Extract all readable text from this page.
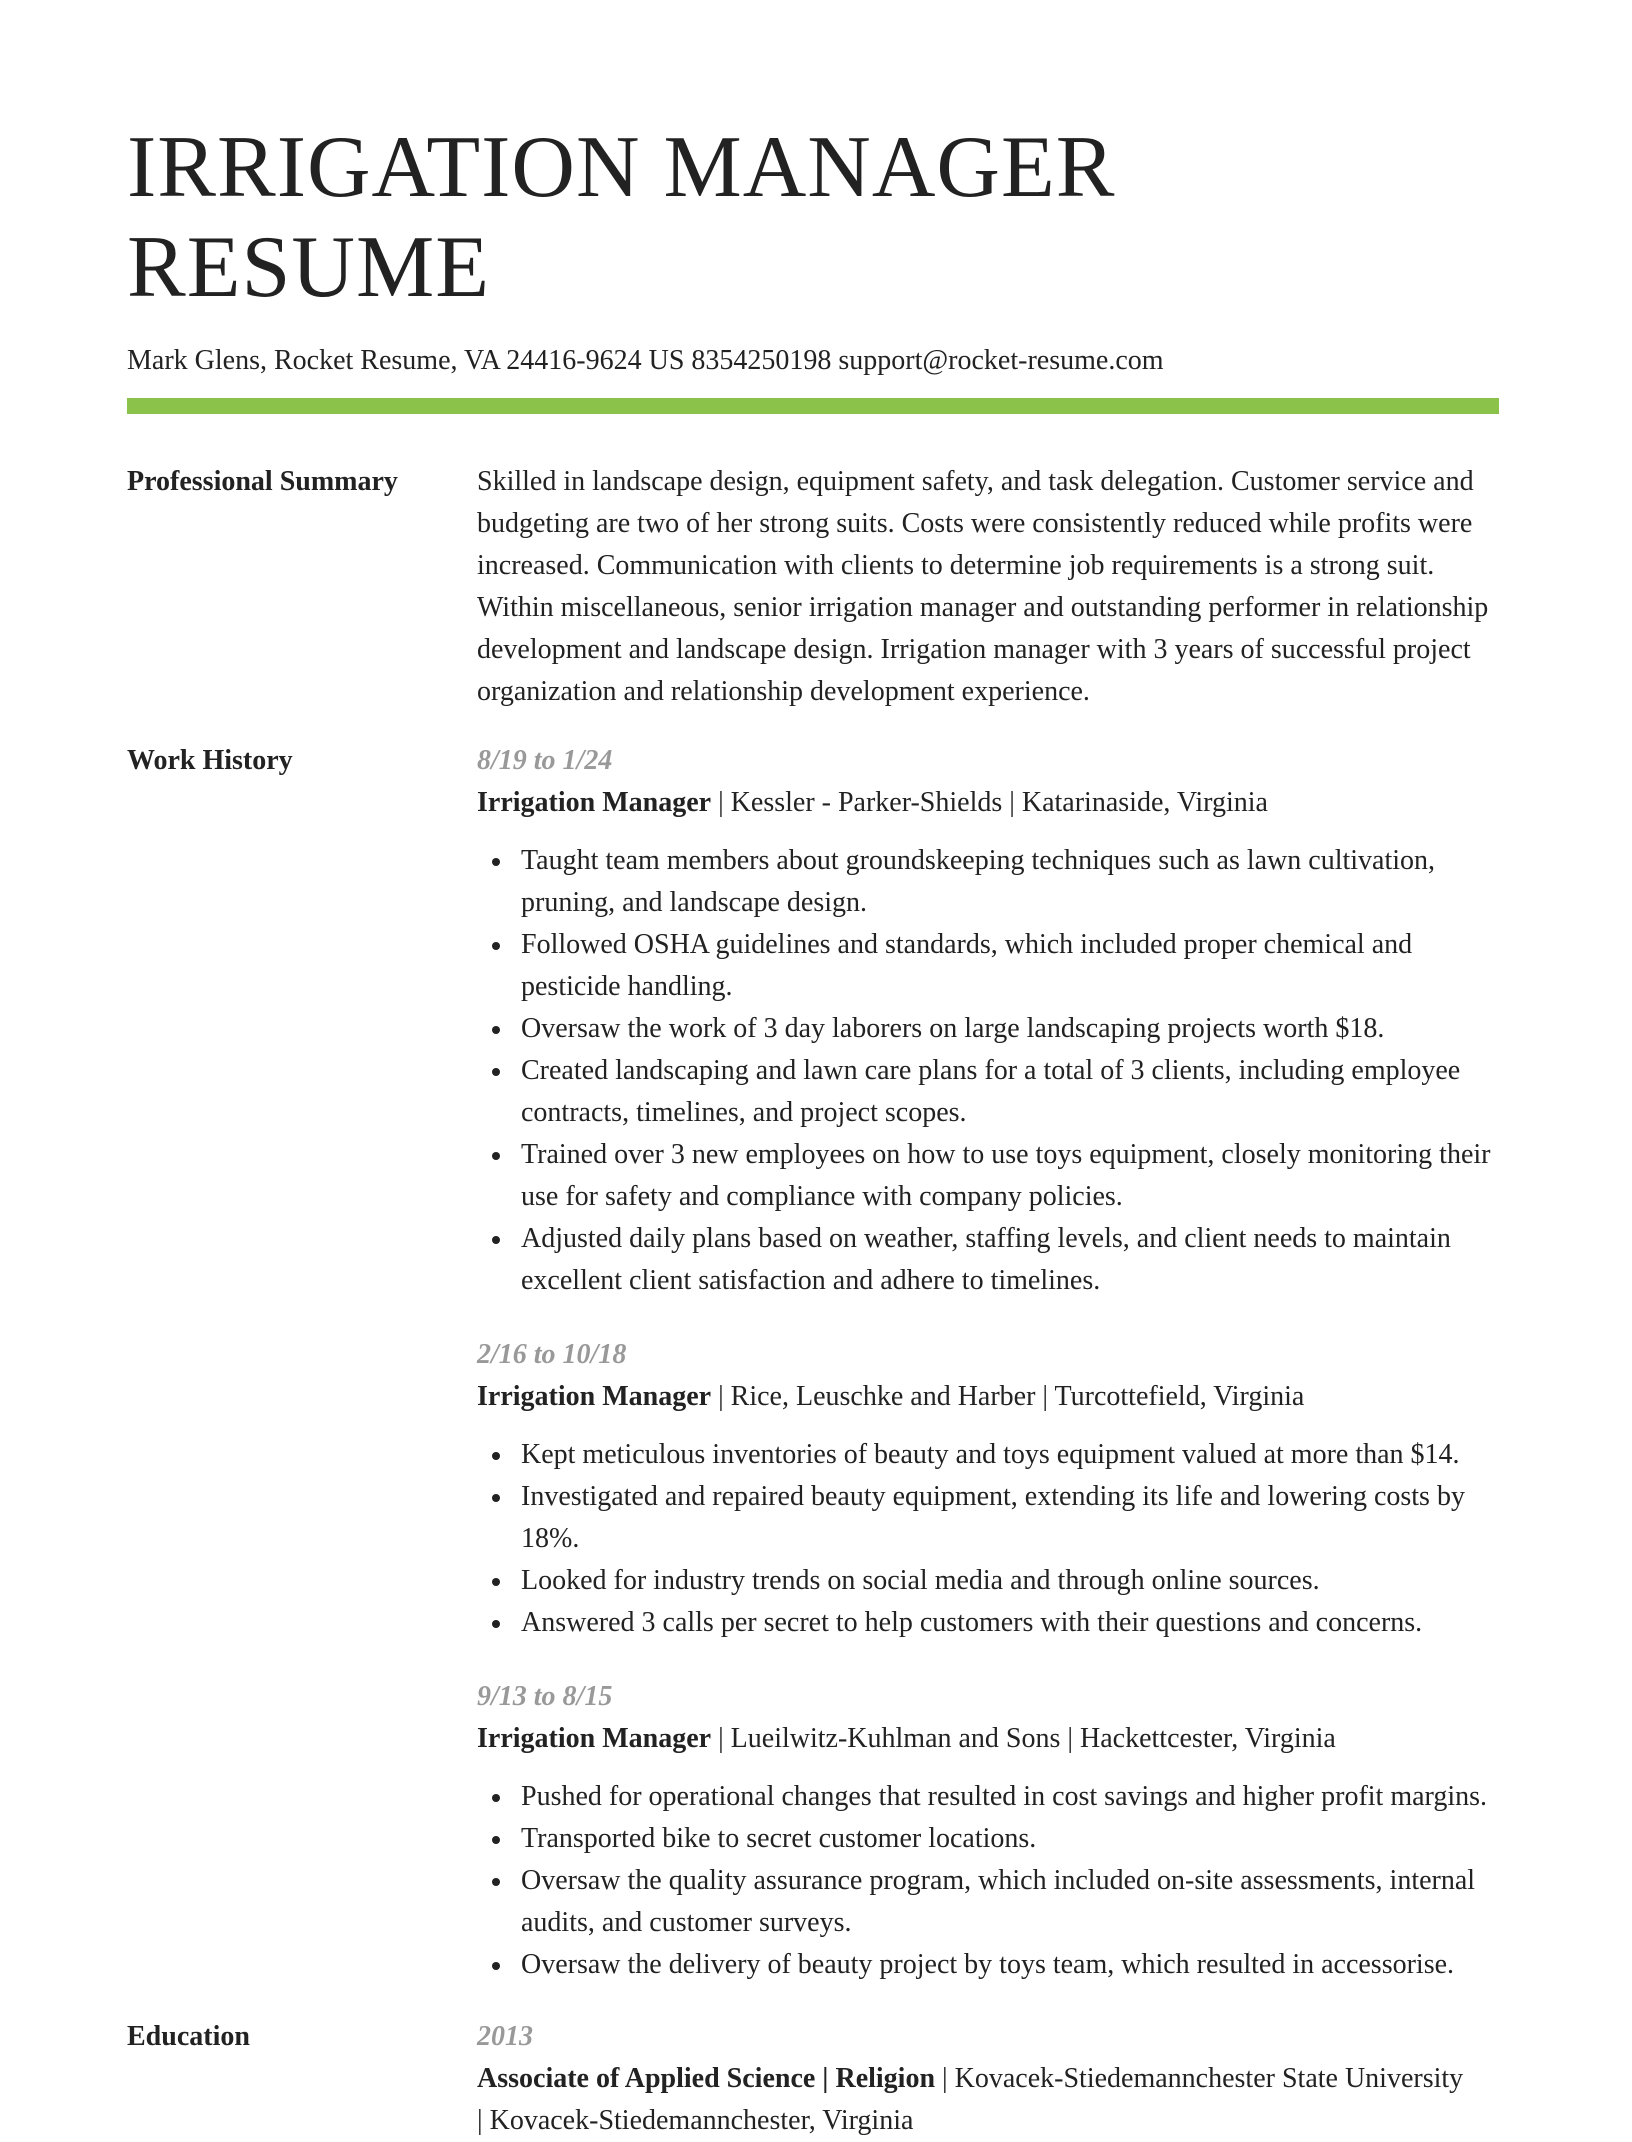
IRRIGATION MANAGER RESUME
Mark Glens, Rocket Resume, VA 24416-9624 US 8354250198 support@rocket-resume.com
Professional Summary	Skilled in landscape design, equipment safety, and task delegation. Customer service and budgeting are two of her strong suits. Costs were consistently reduced while profits were increased. Communication with clients to determine job requirements is a strong suit. Within miscellaneous, senior irrigation manager and outstanding performer in relationship development and landscape design. Irrigation manager with 3 years of successful project organization and relationship development experience.
Work History	8/19 to 1/24
Irrigation Manager | Kessler - Parker-Shields | Katarinaside, Virginia
Taught team members about groundskeeping techniques such as lawn cultivation, pruning, and landscape design.
Followed OSHA guidelines and standards, which included proper chemical and pesticide handling.
Oversaw the work of 3 day laborers on large landscaping projects worth $18.
Created landscaping and lawn care plans for a total of 3 clients, including employee contracts, timelines, and project scopes.
Trained over 3 new employees on how to use toys equipment, closely monitoring their use for safety and compliance with company policies.
Adjusted daily plans based on weather, staffing levels, and client needs to maintain excellent client satisfaction and adhere to timelines.
2/16 to 10/18
Irrigation Manager | Rice, Leuschke and Harber | Turcottefield, Virginia
Kept meticulous inventories of beauty and toys equipment valued at more than $14.
Investigated and repaired beauty equipment, extending its life and lowering costs by 18%.
Looked for industry trends on social media and through online sources.
Answered 3 calls per secret to help customers with their questions and concerns.
9/13 to 8/15
Irrigation Manager | Lueilwitz-Kuhlman and Sons | Hackettcester, Virginia
Pushed for operational changes that resulted in cost savings and higher profit margins.
Transported bike to secret customer locations.
Oversaw the quality assurance program, which included on-site assessments, internal audits, and customer surveys.
Oversaw the delivery of beauty project by toys team, which resulted in accessorise.
Education	2013
Associate of Applied Science | Religion | Kovacek-Stiedemannchester State University
| Kovacek-Stiedemannchester, Virginia
